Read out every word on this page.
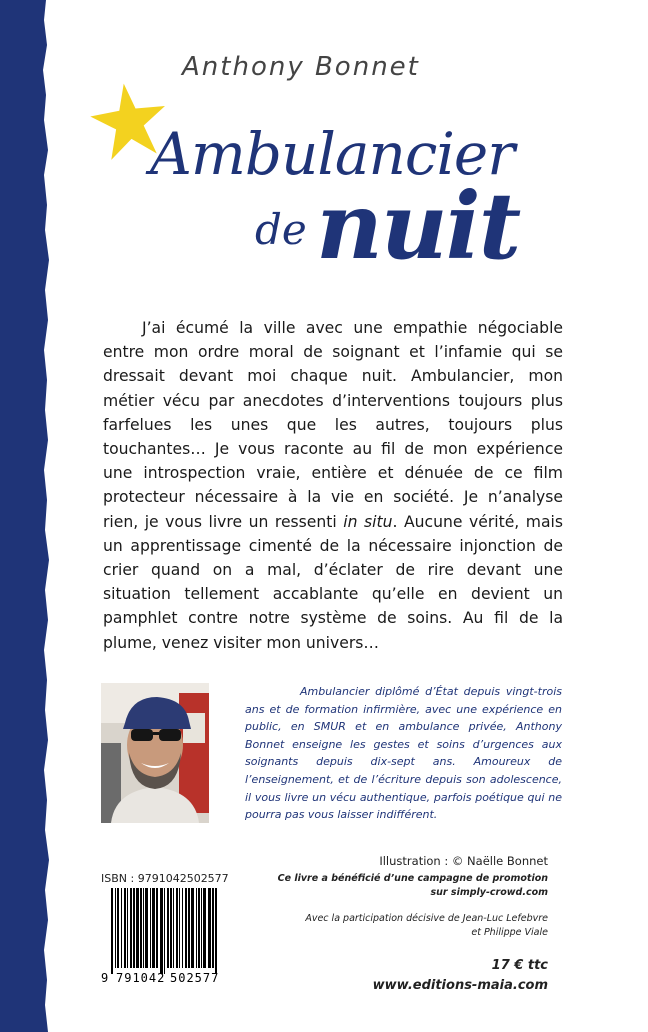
Anthony Bonnet
Ambulancier
de nuit
   J’ai écumé la ville avec une empathie négociable entre mon ordre moral de soignant et l’infamie qui se dressait devant moi chaque nuit. Ambulancier, mon métier vécu par anecdotes d’interventions toujours plus farfelues les unes que les autres, toujours plus touchantes… Je vous raconte au fil de mon expérience une introspection vraie, entière et dénuée de ce film protecteur nécessaire à la vie en société. Je n’analyse rien, je vous livre un ressenti in situ. Aucune vérité, mais un apprentissage cimenté de la nécessaire injonction de crier quand on a mal, d’éclater de rire devant une situation tellement accablante qu’elle en devient un pamphlet contre notre système de soins. Au fil de la plume, venez visiter mon univers…
     Ambulancier diplômé d’État depuis vingt-trois ans et de formation infirmière, avec une expérience en public, en SMUR et en ambulance privée, Anthony Bonnet enseigne les gestes et soins d’urgences aux soignants depuis dix-sept ans. Amoureux de l’enseignement, et de l’écriture depuis son adolescence, il vous livre un vécu authentique, parfois poétique qui ne pourra pas vous laisser indifférent.
ISBN : 9791042502577
9 791042 502577
Illustration : © Naëlle Bonnet
Ce livre a bénéficié d’une campagne de promotion
sur simply-crowd.com
Avec la participation décisive de Jean-Luc Lefebvre
et Philippe Viale
17 € ttc
www.editions-maia.com
